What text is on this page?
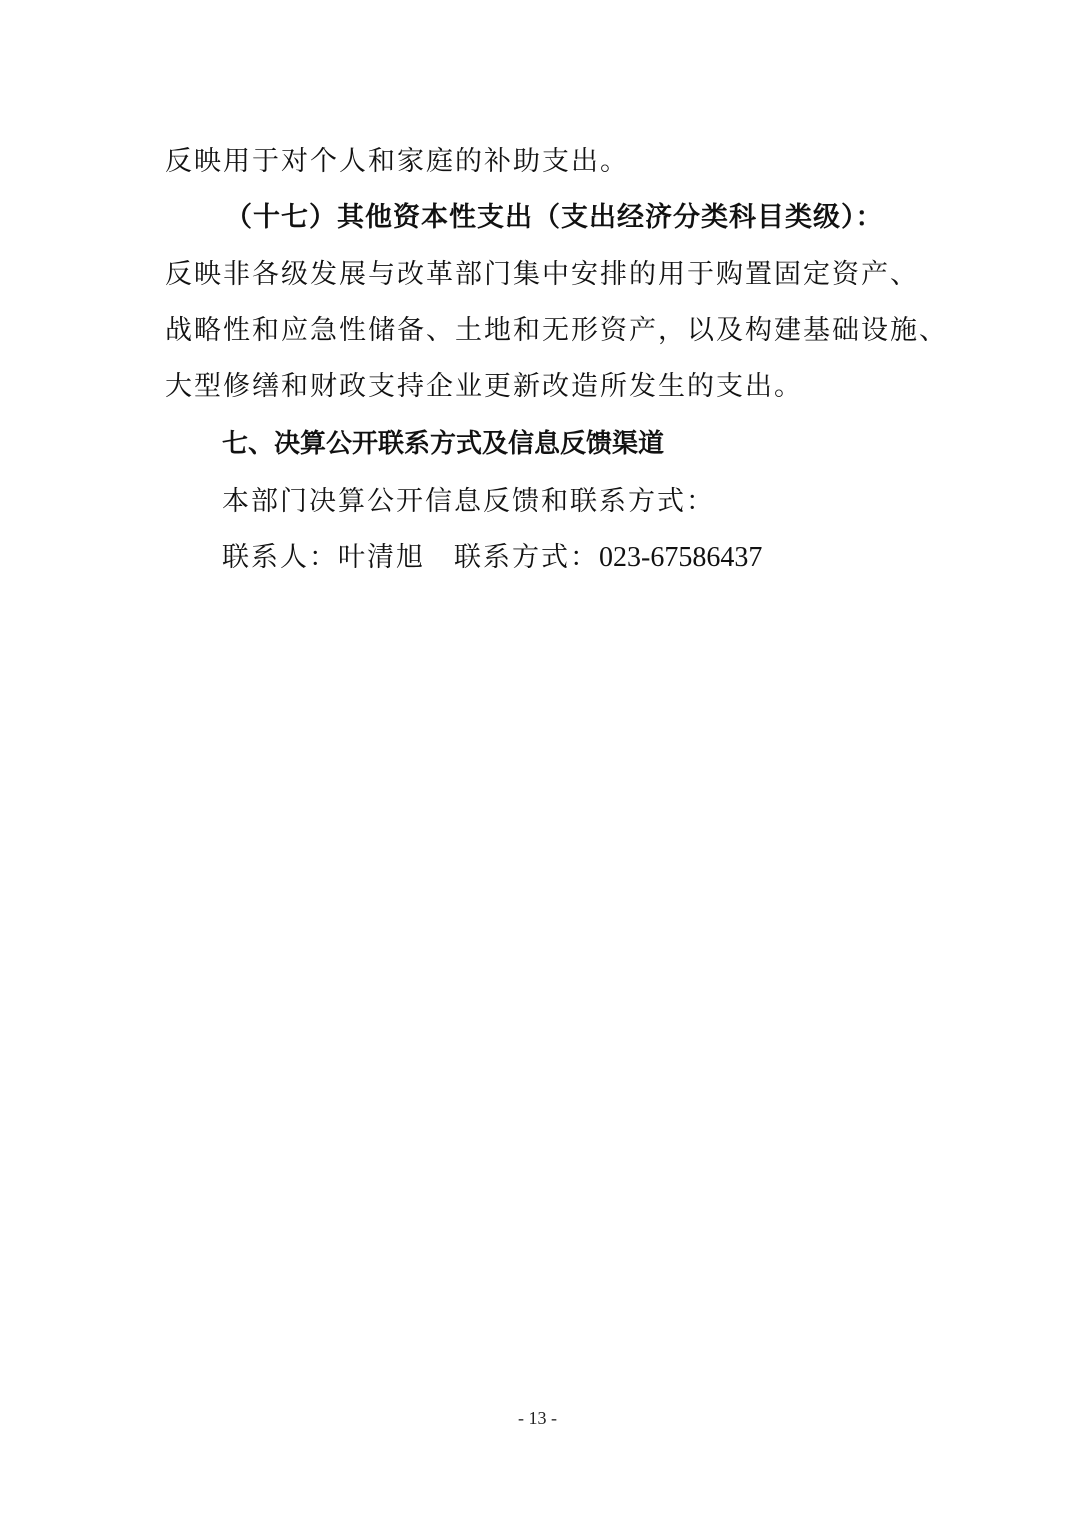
反映用于对个人和家庭的补助支出。
（十七）其他资本性支出（支出经济分类科目类级）：
反映非各级发展与改革部门集中安排的用于购置固定资产、
战略性和应急性储备、土地和无形资产，以及构建基础设施、
大型修缮和财政支持企业更新改造所发生的支出。
七、决算公开联系方式及信息反馈渠道
本部门决算公开信息反馈和联系方式：
联系人：叶清旭　联系方式：023-67586437
- 13 -
